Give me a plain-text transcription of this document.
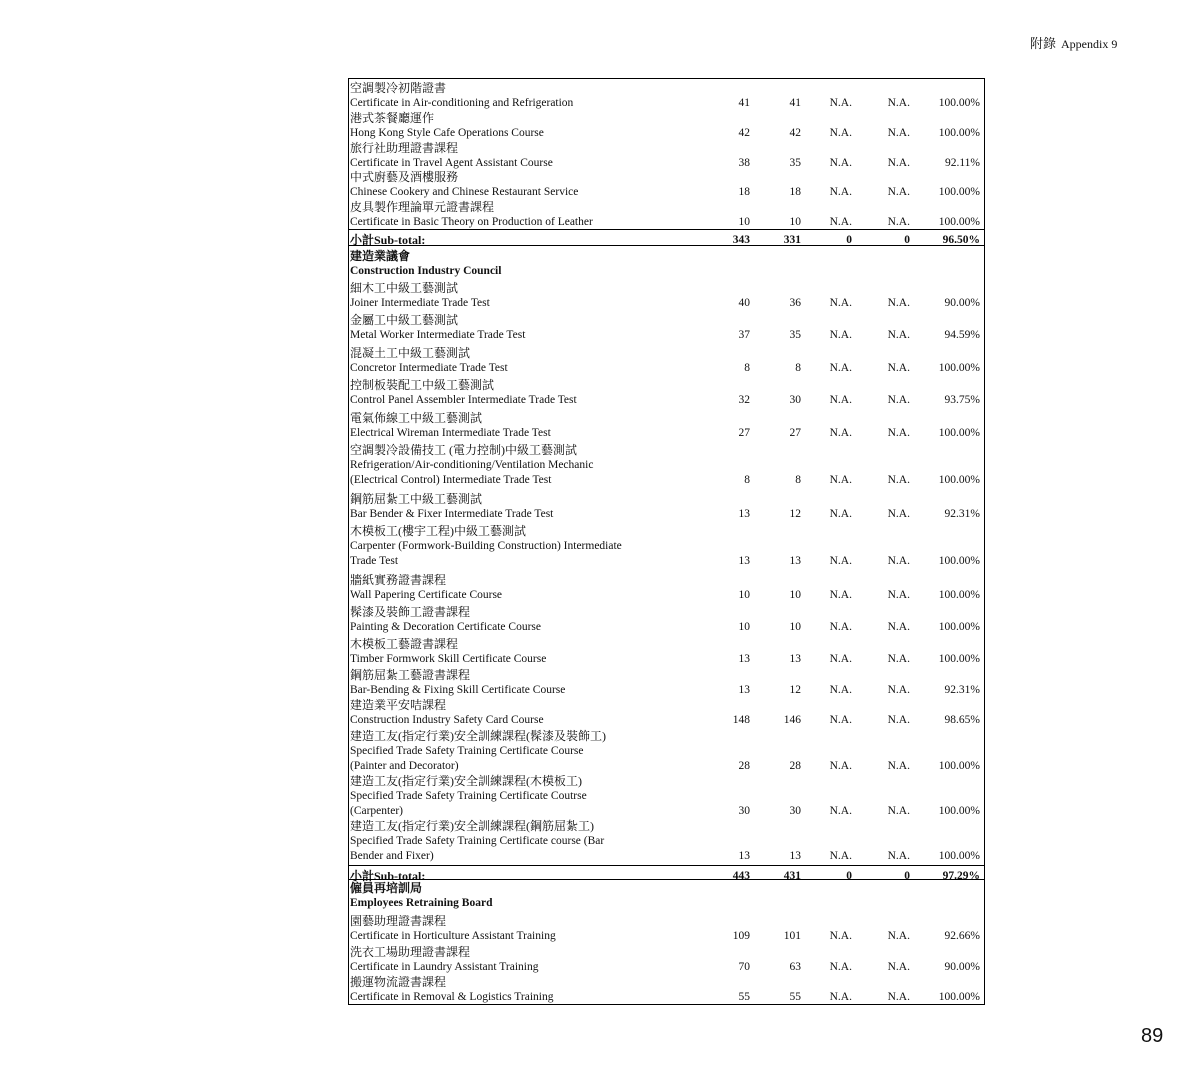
附錄 Appendix 9
空調製冷初階證書
Certificate in Air-conditioning and Refrigeration	41	41 N.A.	N.A.	100.00%
港式茶餐廳運作
Hong Kong Style Cafe Operations Course	42	42 N.A.	N.A.	100.00%
旅行社助理證書課程
Certificate in Travel Agent Assistant Course	38	35 N.A.	N.A.	92.11%
中式廚藝及酒樓服務
Chinese Cookery and Chinese Restaurant Service	18	18 N.A.	N.A.	100.00%
皮具製作理論單元證書課程
Certificate in Basic Theory on Production of Leather	10	10 N.A.	N.A.	100.00%
小計Sub-total:	343	331	0	0	96.50%
建造業議會
Construction Industry Council
細木工中級工藝測試
Joiner Intermediate Trade Test	40	36 N.A.	N.A.	90.00%
金屬工中級工藝測試
Metal Worker Intermediate Trade Test	37	35 N.A.	N.A.	94.59%
混凝土工中級工藝測試
Concretor Intermediate Trade Test	8	8 N.A.	N.A.	100.00%
控制板裝配工中級工藝測試
Control Panel Assembler Intermediate Trade Test	32	30 N.A.	N.A.	93.75%
電氣佈線工中級工藝測試
Electrical Wireman Intermediate Trade Test	27	27 N.A.	N.A.	100.00%
空調製冷設備技工 (電力控制)中級工藝測試
Refrigeration/Air-conditioning/Ventilation Mechanic
(Electrical Control) Intermediate Trade Test	8	8 N.A.	N.A.	100.00%
鋼筋屈紮工中級工藝測試
Bar Bender & Fixer Intermediate Trade Test	13	12 N.A.	N.A.	92.31%
木模板工(樓宇工程)中級工藝測試
Carpenter (Formwork-Building Construction) Intermediate
Trade Test	13	13 N.A.	N.A.	100.00%
牆紙實務證書課程
Wall Papering Certificate Course	10	10 N.A.	N.A.	100.00%
髹漆及裝飾工證書課程
Painting & Decoration Certificate Course	10	10 N.A.	N.A.	100.00%
木模板工藝證書課程
Timber Formwork Skill Certificate Course	13	13 N.A.	N.A.	100.00%
鋼筋屈紮工藝證書課程
Bar-Bending & Fixing Skill Certificate Course	13	12 N.A.	N.A.	92.31%
建造業平安咭課程
Construction Industry Safety Card Course	148	146 N.A.	N.A.	98.65%
建造工友(指定行業)安全訓練課程(髹漆及裝飾工)
Specified Trade Safety Training Certificate Course
(Painter and Decorator)	28	28 N.A.	N.A.	100.00%
建造工友(指定行業)安全訓練課程(木模板工)
Specified Trade Safety Training Certificate Coutrse
(Carpenter)	30	30 N.A.	N.A.	100.00%
建造工友(指定行業)安全訓練課程(鋼筋屈紮工)
Specified Trade Safety Training Certificate course (Bar
Bender and Fixer)	13	13 N.A.	N.A.	100.00%
小計Sub-total:	443	431	0	0	97.29%
僱員再培訓局
Employees Retraining Board
園藝助理證書課程
Certificate in Horticulture Assistant Training	109	101 N.A.	N.A.	92.66%
洗衣工場助理證書課程
Certificate in Laundry Assistant Training	70	63 N.A.	N.A.	90.00%
搬運物流證書課程
Certificate in Removal & Logistics Training	55	55 N.A.	N.A.	100.00%
89
